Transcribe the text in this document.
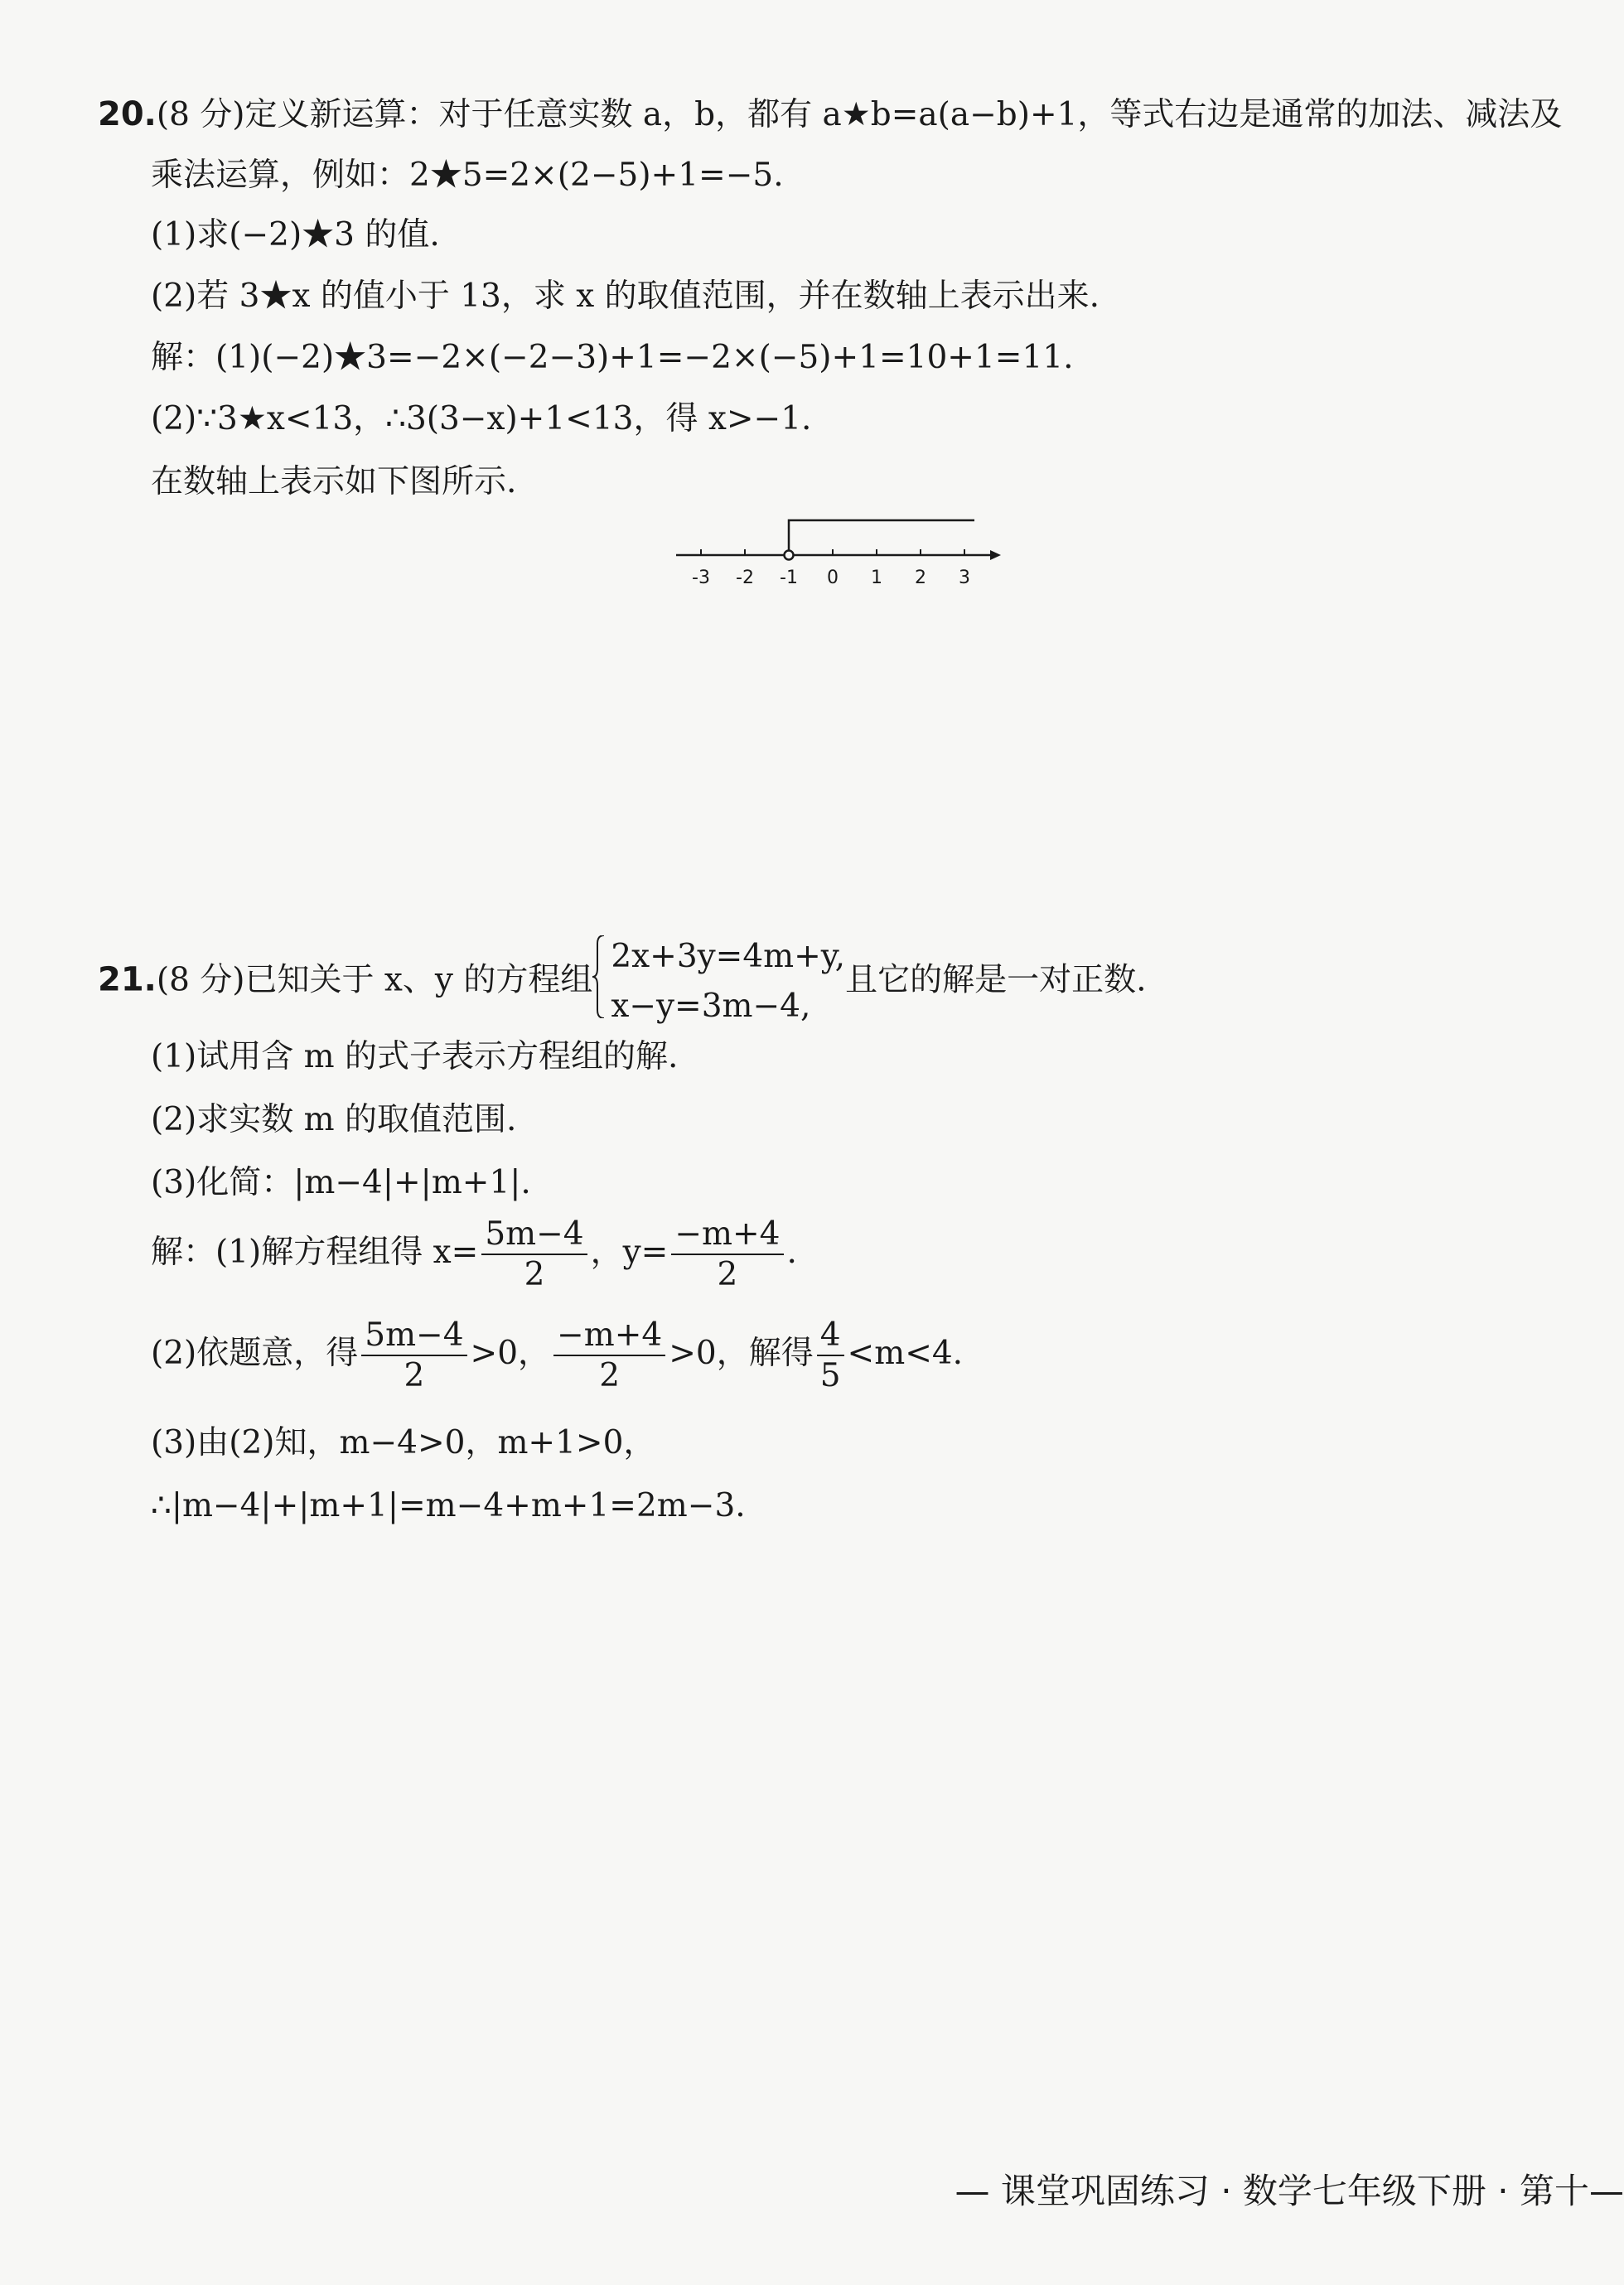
20.(8 分)定义新运算：对于任意实数 a，b，都有 a★b=a(a−b)+1，等式右边是通常的加法、减法及
乘法运算，例如：2★5=2×(2−5)+1=−5.
(1)求(−2)★3 的值.
(2)若 3★x 的值小于 13，求 x 的取值范围，并在数轴上表示出来.
解：(1)(−2)★3=−2×(−2−3)+1=−2×(−5)+1=10+1=11.
(2)∵3★x<13，∴3(3−x)+1<13，得 x>−1.
在数轴上表示如下图所示.
-3 -2 -1 0 1 2 3
21.(8 分)已知关于 x、y 的方程组
2x+3y=4m+y,
x−y=3m−4,
且它的解是一对正数.
(1)试用含 m 的式子表示方程组的解.
(2)求实数 m 的取值范围.
(3)化简：|m−4|+|m+1|.
解：(1)解方程组得 $x= \frac{5m-4}{2}$ ，$y= \frac{-m+4}{2}$ .
(2)依题意，得 $\frac{5m-4}{2} >0$， $\frac{-m+4}{2} >0$，解得 $\frac{4}{5} <m<4$.
(3)由(2)知，m−4>0，m+1>0，
∴|m−4|+|m+1|=m−4+m+1=2m−3.
— 课堂巩固练习 · 数学七年级下册 · 第十—
